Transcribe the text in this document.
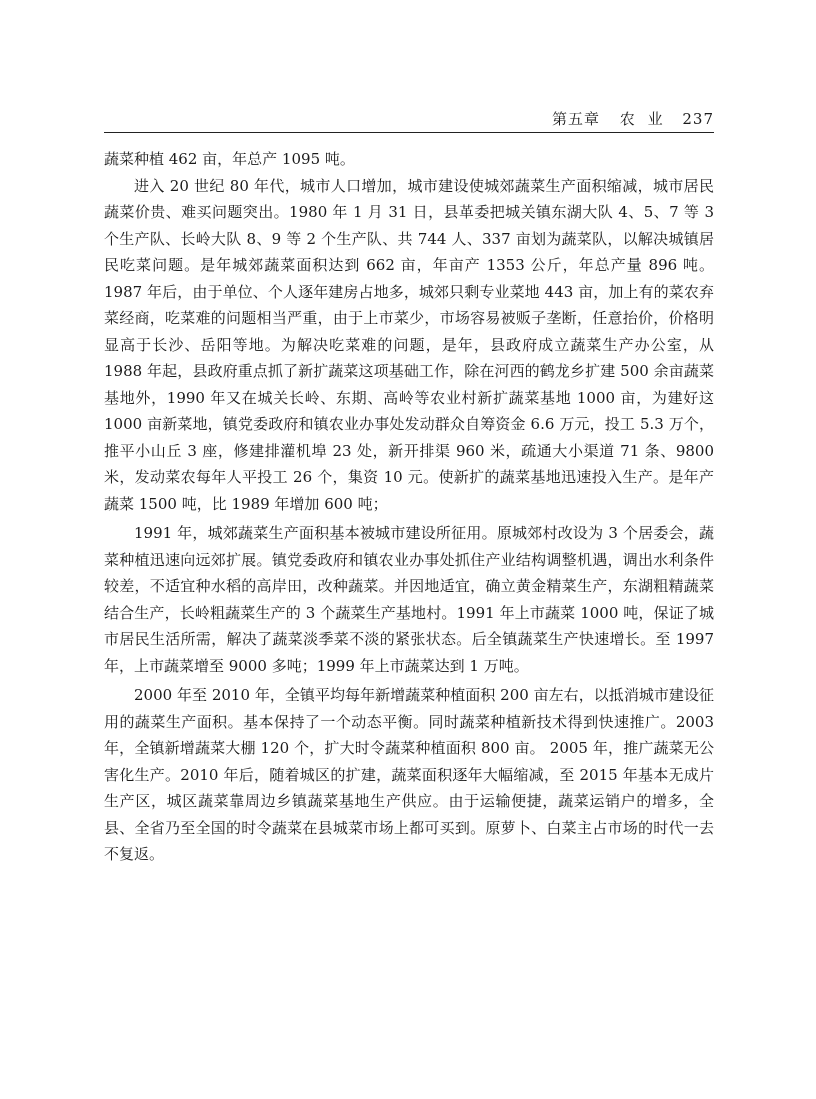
第五章 农 业 237

蔬菜种植 462 亩，年总产 1095 吨。

进入 20 世纪 80 年代，城市人口增加，城市建设使城郊蔬菜生产面积缩减，城市居民蔬菜价贵、难买问题突出。1980 年 1 月 31 日，县革委把城关镇东湖大队 4、5、7 等 3 个生产队、长岭大队 8、9 等 2 个生产队、共 744 人、337 亩划为蔬菜队，以解决城镇居民吃菜问题。是年城郊蔬菜面积达到 662 亩，年亩产 1353 公斤，年总产量 896 吨。1987 年后，由于单位、个人逐年建房占地多，城郊只剩专业菜地 443 亩，加上有的菜农弃菜经商，吃菜难的问题相当严重，由于上市菜少，市场容易被贩子垄断，任意抬价，价格明显高于长沙、岳阳等地。为解决吃菜难的问题，是年，县政府成立蔬菜生产办公室，从 1988 年起，县政府重点抓了新扩蔬菜这项基础工作，除在河西的鹤龙乡扩建 500 余亩蔬菜基地外，1990 年又在城关长岭、东期、高岭等农业村新扩蔬菜基地 1000 亩，为建好这 1000 亩新菜地，镇党委政府和镇农业办事处发动群众自筹资金 6.6 万元，投工 5.3 万个，推平小山丘 3 座，修建排灌机埠 23 处，新开排渠 960 米，疏通大小渠道 71 条、9800 米，发动菜农每年人平投工 26 个，集资 10 元。使新扩的蔬菜基地迅速投入生产。是年产蔬菜 1500 吨，比 1989 年增加 600 吨；

1991 年，城郊蔬菜生产面积基本被城市建设所征用。原城郊村改设为 3 个居委会，蔬菜种植迅速向远郊扩展。镇党委政府和镇农业办事处抓住产业结构调整机遇，调出水利条件较差，不适宜种水稻的高岸田，改种蔬菜。并因地适宜，确立黄金精菜生产，东湖粗精蔬菜结合生产，长岭粗蔬菜生产的 3 个蔬菜生产基地村。1991 年上市蔬菜 1000 吨，保证了城市居民生活所需，解决了蔬菜淡季菜不淡的紧张状态。后全镇蔬菜生产快速增长。至 1997 年，上市蔬菜增至 9000 多吨；1999 年上市蔬菜达到 1 万吨。

2000 年至 2010 年，全镇平均每年新增蔬菜种植面积 200 亩左右，以抵消城市建设征用的蔬菜生产面积。基本保持了一个动态平衡。同时蔬菜种植新技术得到快速推广。2003 年，全镇新增蔬菜大棚 120 个，扩大时令蔬菜种植面积 800 亩。 2005 年，推广蔬菜无公害化生产。2010 年后，随着城区的扩建，蔬菜面积逐年大幅缩减，至 2015 年基本无成片生产区，城区蔬菜靠周边乡镇蔬菜基地生产供应。由于运输便捷，蔬菜运销户的增多，全县、全省乃至全国的时令蔬菜在县城菜市场上都可买到。原萝卜、白菜主占市场的时代一去不复返。
